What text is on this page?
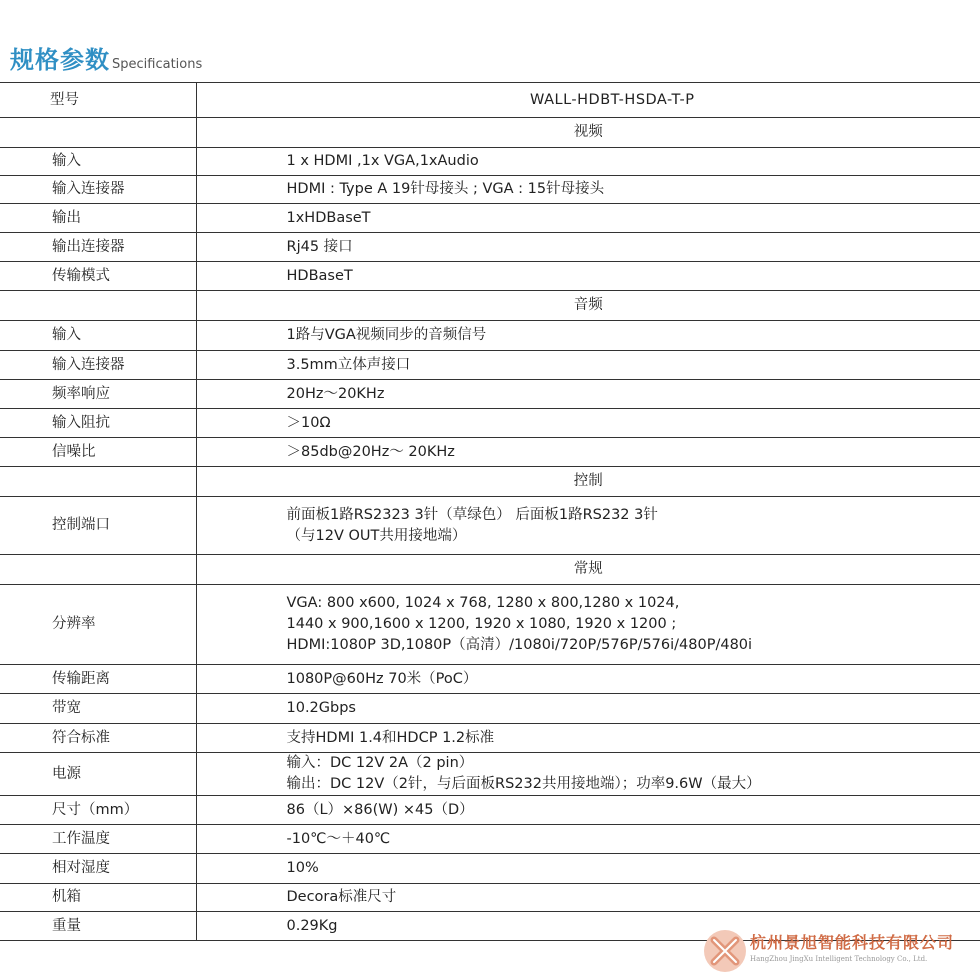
规格参数 Specifications
型号	WALL-HDBT-HSDA-T-P
	视频
输入	1 x HDMI ,1x VGA,1xAudio

输入连接器	HDMI : Type A 19针母接头 ; VGA : 15针母接头

输出	1xHDBaseT

输出连接器	Rj45 接口

传输模式	HDBaseT

	音频
输入	1路与VGA视频同步的音频信号

输入连接器	3.5mm立体声接口

频率响应	20Hz～20KHz

输入阻抗	＞10Ω

信噪比	＞85db@20Hz～ 20KHz

	控制
控制端口	前面板1路RS2323 3针（草绿色） 后面板1路RS232 3针
（与12V OUT共用接地端）

	常规
分辨率	VGA: 800 x600, 1024 x 768, 1280 x 800,1280 x 1024,
1440 x 900,1600 x 1200, 1920 x 1080, 1920 x 1200 ;
HDMI:1080P 3D,1080P（高清）/1080i/720P/576P/576i/480P/480i

传输距离	1080P@60Hz 70米（PoC）

带宽	10.2Gbps

符合标准	支持HDMI 1.4和HDCP 1.2标准

电源	输入：DC 12V 2A（2 pin）
输出：DC 12V（2针，与后面板RS232共用接地端）；功率9.6W（最大）

尺寸（mm）	86（L）×86(W) ×45（D）

工作温度	-10℃～＋40℃

相对湿度	10%

机箱	Decora标准尺寸

重量	0.29Kg
杭州景旭智能科技有限公司
HangZhou JingXu Intelligent Technology Co., Ltd.
